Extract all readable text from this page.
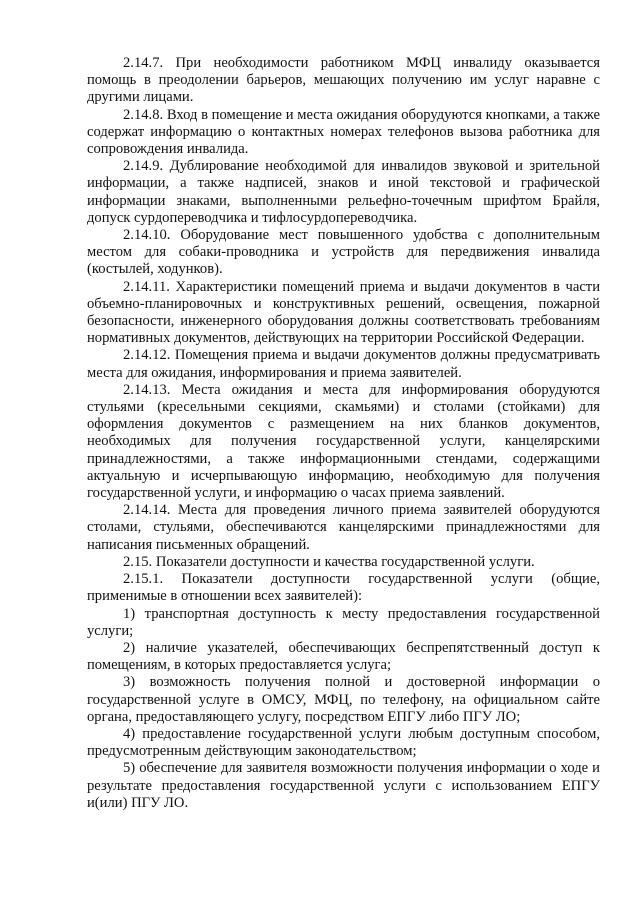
2.14.7. При необходимости работником МФЦ инвалиду оказывается помощь в преодолении барьеров, мешающих получению им услуг наравне с другими лицами.

2.14.8. Вход в помещение и места ожидания оборудуются кнопками, а также содержат информацию о контактных номерах телефонов вызова работника для сопровождения инвалида.

2.14.9. Дублирование необходимой для инвалидов звуковой и зрительной информации, а также надписей, знаков и иной текстовой и графической информации знаками, выполненными рельефно-точечным шрифтом Брайля, допуск сурдопереводчика и тифлосурдопереводчика.

2.14.10. Оборудование мест повышенного удобства с дополнительным местом для собаки-проводника и устройств для передвижения инвалида (костылей, ходунков).

2.14.11. Характеристики помещений приема и выдачи документов в части объемно-планировочных и конструктивных решений, освещения, пожарной безопасности, инженерного оборудования должны соответствовать требованиям нормативных документов, действующих на территории Российской Федерации.

2.14.12. Помещения приема и выдачи документов должны предусматривать места для ожидания, информирования и приема заявителей.

2.14.13. Места ожидания и места для информирования оборудуются стульями (кресельными секциями, скамьями) и столами (стойками) для оформления документов с размещением на них бланков документов, необходимых для получения государственной услуги, канцелярскими принадлежностями, а также информационными стендами, содержащими актуальную и исчерпывающую информацию, необходимую для получения государственной услуги, и информацию о часах приема заявлений.

2.14.14. Места для проведения личного приема заявителей оборудуются столами, стульями, обеспечиваются канцелярскими принадлежностями для написания письменных обращений.

2.15. Показатели доступности и качества государственной услуги.

2.15.1. Показатели доступности государственной услуги (общие, применимые в отношении всех заявителей):

1) транспортная доступность к месту предоставления государственной услуги;

2) наличие указателей, обеспечивающих беспрепятственный доступ к помещениям, в которых предоставляется услуга;

3) возможность получения полной и достоверной информации о государственной услуге в ОМСУ, МФЦ, по телефону, на официальном сайте органа, предоставляющего услугу, посредством ЕПГУ либо ПГУ ЛО;

4) предоставление государственной услуги любым доступным способом, предусмотренным действующим законодательством;

5) обеспечение для заявителя возможности получения информации о ходе и результате предоставления государственной услуги с использованием ЕПГУ и(или) ПГУ ЛО.
